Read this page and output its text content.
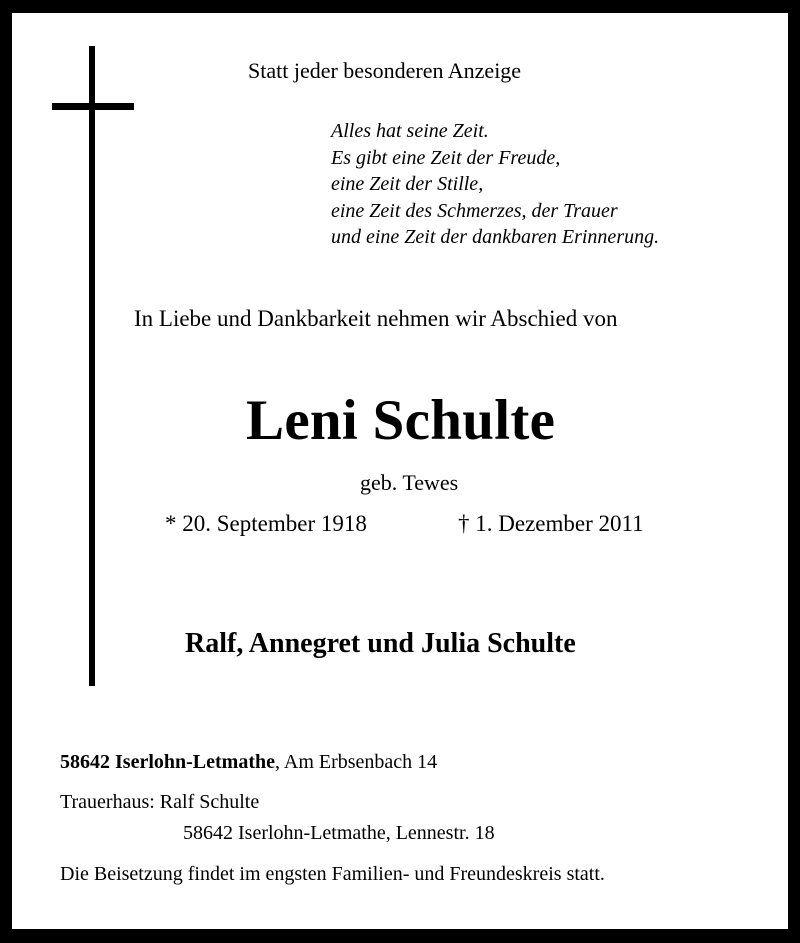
Statt jeder besonderen Anzeige
Alles hat seine Zeit.
Es gibt eine Zeit der Freude,
eine Zeit der Stille,
eine Zeit des Schmerzes, der Trauer
und eine Zeit der dankbaren Erinnerung.
In Liebe und Dankbarkeit nehmen wir Abschied von
Leni Schulte
geb. Tewes
* 20. September 1918	† 1. Dezember 2011
Ralf, Annegret und Julia Schulte
58642 Iserlohn-Letmathe, Am Erbsenbach 14
Trauerhaus: Ralf Schulte
58642 Iserlohn-Letmathe, Lennestr. 18
Die Beisetzung findet im engsten Familien- und Freundeskreis statt.
